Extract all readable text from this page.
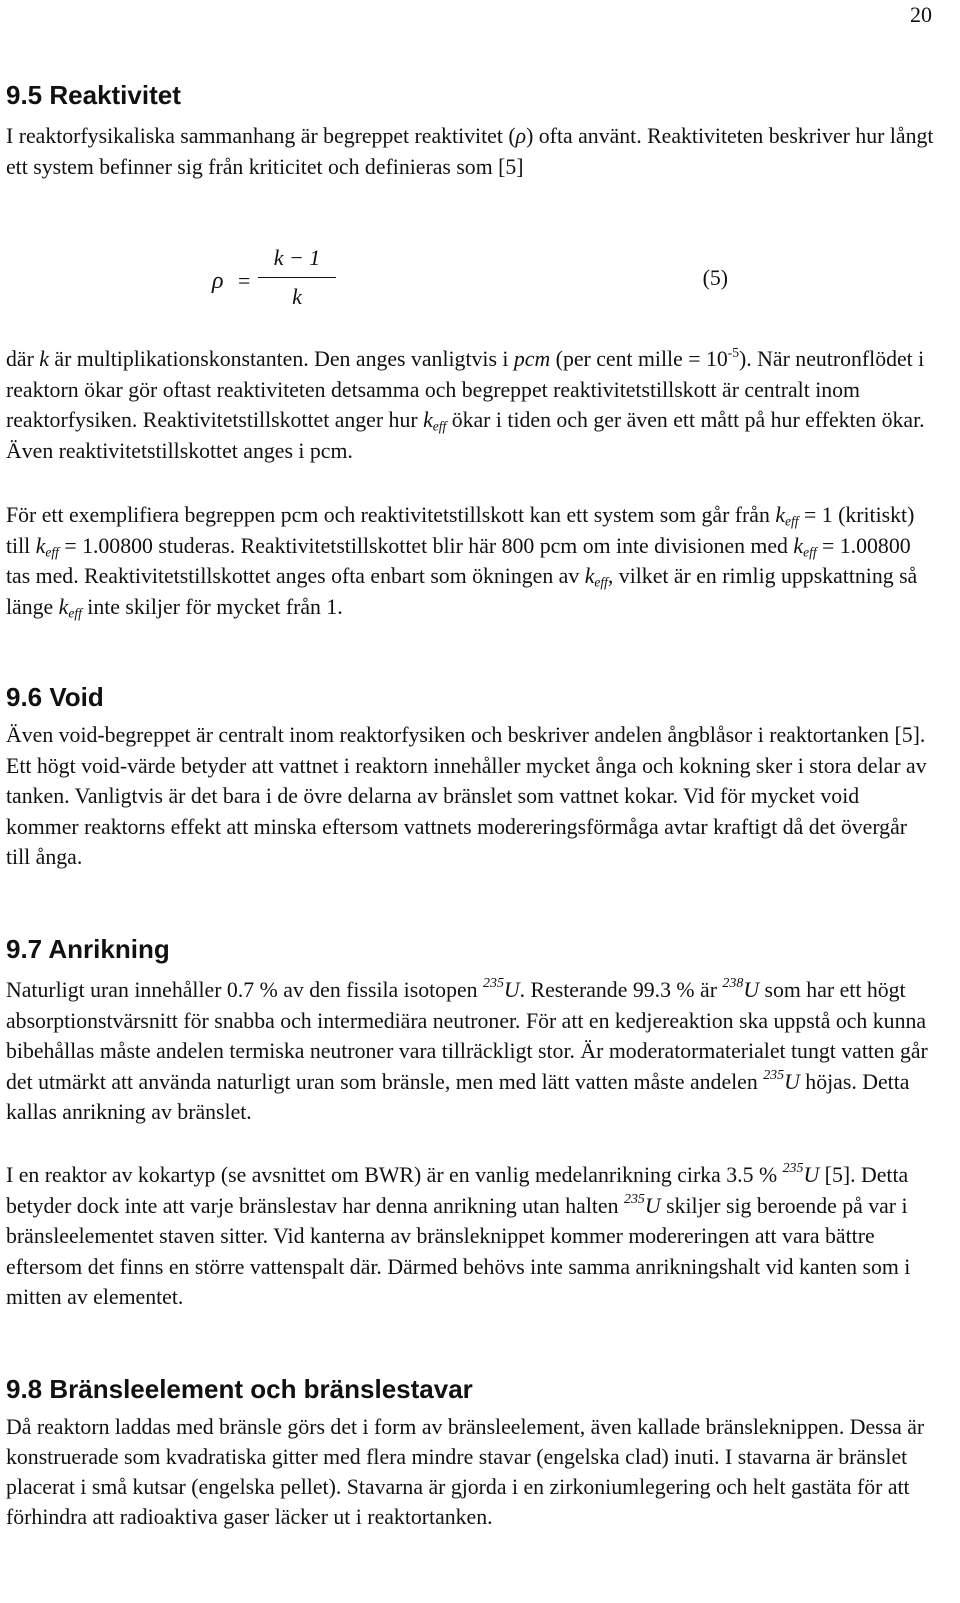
20
9.5 Reaktivitet

I reaktorfysikaliska sammanhang är begreppet reaktivitet (ρ) ofta använt. Reaktiviteten beskriver hur långt ett system befinner sig från kriticitet och definieras som [5]

ρ =
k − 1
k
(5)

där k är multiplikationskonstanten. Den anges vanligtvis i pcm (per cent mille = $10^{-5}$). När neutronflödet i reaktorn ökar gör oftast reaktiviteten detsamma och begreppet reaktivitetstillskott är centralt inom reaktorfysiken. Reaktivitetstillskottet anger hur $k_{eff}$ ökar i tiden och ger även ett mått på hur effekten ökar. Även reaktivitetstillskottet anges i pcm.

För ett exemplifiera begreppen pcm och reaktivitetstillskott kan ett system som går från $k_{eff} = 1$ (kritiskt) till $k_{eff} = 1.00800$ studeras. Reaktivitetstillskottet blir här 800 pcm om inte divisionen med $k_{eff} = 1.00800$ tas med. Reaktivitetstillskottet anges ofta enbart som ökningen av $k_{eff}$, vilket är en rimlig uppskattning så länge $k_{eff}$ inte skiljer för mycket från 1.

9.6 Void

Även void-begreppet är centralt inom reaktorfysiken och beskriver andelen ångblåsor i reaktortanken [5]. Ett högt void-värde betyder att vattnet i reaktorn innehåller mycket ånga och kokning sker i stora delar av tanken. Vanligtvis är det bara i de övre delarna av bränslet som vattnet kokar. Vid för mycket void kommer reaktorns effekt att minska eftersom vattnets modereringsförmåga avtar kraftigt då det övergår till ånga.

9.7 Anrikning

Naturligt uran innehåller 0.7 % av den fissila isotopen $^{235}$U. Resterande 99.3 % är $^{238}$U som har ett högt absorptionstvärsnitt för snabba och intermediära neutroner. För att en kedjereaktion ska uppstå och kunna bibehållas måste andelen termiska neutroner vara tillräckligt stor. Är moderatormaterialet tungt vatten går det utmärkt att använda naturligt uran som bränsle, men med lätt vatten måste andelen $^{235}$U höjas. Detta kallas anrikning av bränslet.

I en reaktor av kokartyp (se avsnittet om BWR) är en vanlig medelanrikning cirka 3.5 % $^{235}$U [5]. Detta betyder dock inte att varje bränslestav har denna anrikning utan halten $^{235}$U skiljer sig beroende på var i bränsleelementet staven sitter. Vid kanterna av bränsleknippet kommer modereringen att vara bättre eftersom det finns en större vattenspalt där. Därmed behövs inte samma anrikningshalt vid kanten som i mitten av elementet.

9.8 Bränsleelement och bränslestavar

Då reaktorn laddas med bränsle görs det i form av bränsleelement, även kallade bränsleknippen. Dessa är konstruerade som kvadratiska gitter med flera mindre stavar (engelska clad) inuti. I stavarna är bränslet placerat i små kutsar (engelska pellet). Stavarna är gjorda i en zirkoniumlegering och helt gastäta för att förhindra att radioaktiva gaser läcker ut i reaktortanken.
